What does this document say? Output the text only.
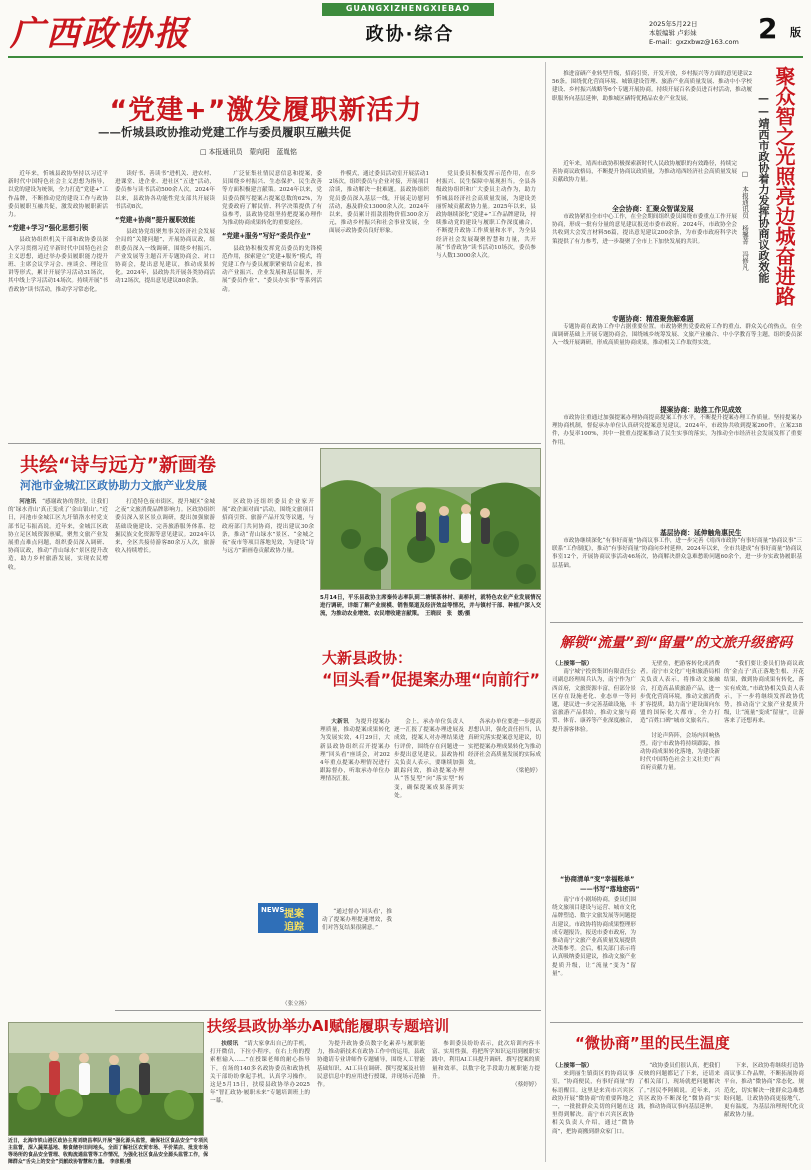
广西政协报
GUANGXIZHENGXIEBAO
政协·综合	2025年5月22日
本版编辑 卢彩妹
E-mail：gxzxbwz@163.com 2 版
“党建+”激发履职新活力
——忻城县政协推动党建工作与委员履职互融共促
□ 本报通讯员　蒙向阳　蓝胤铭

近年来，忻城县政协坚持以习近平新时代中国特色社会主义思想为指导，以党的建设为统领，全力打造“党建+”工作品牌，不断推动党的建设工作与政协委员履职互融共促，激发政协履职新活力。

“党建+学习”强化思想引领

县政协组织机关干部和政协委员深入学习贯彻习近平新时代中国特色社会主义思想，通过举办委员履职能力提升班、主席会议学习会、座谈会、理论宣讲等形式，累计开展学习活动31场次，其中线上学习活动14场次。持续开展“书香政协”读书活动，推动学习常态化。

读好书、善读书”进机关、进农村、进课堂、进企业、进社区“五进”活动，委员参与读书活动500余人次。2024年以来，县政协各功能性党支部共开展读书活动8次。

“党建+协商”提升履职效能

县政协党组聚焦事关经济社会发展全局的“关键问题”，开展协商议政，组织委员深入一线调研，围绕乡村振兴、产业发展等主题召开专题协商会、对口协商会，提出意见建议，推动成果转化。2024年，县政协共开展各类协商活动12场次，提出意见建议80余条。

广泛征集社情民意信息和提案，委员围绕乡村振兴、生态保护、民生改善等方面积极建言献策。2024年以来，党员委员撰写提案占提案总数的62%，为党委政府了解民情、科学决策提供了有益参考，县政协党组坚持把提案办理作为推动协商成果转化的重要途径。

“党建+服务”写好“委员作业”

县政协积极发挥党员委员的先锋模范作用，探索建立“党建+服务”模式，将党建工作与委员履职紧密结合起来，推动产业振兴、企业发展和基层服务，开展“委员作业”、“委员办实事”等系列活动。

作模式，通过委员活动室开展活动12场次，组织委员与企业对接，开展项目洽谈，推动解决一批难题。县政协组织党员委员深入基层一线，开展走访慰问活动，惠及群众13000余人次。2024年以来，委员累计捐款捐物价值300余万元，推动乡村振兴和社会事业发展，全面展示政协委员良好形象。

党员委员积极发挥示范作用，在乡村振兴、民生保障中展现担当。全县各级政协组织和广大委员主动作为，助力忻城县经济社会高质量发展，为建设美丽忻城贡献政协力量。2025年以来，县政协继续深化“党建+”工作品牌建设，持续推动党的建设与履职工作深度融合，不断提升政协工作质量和水平，为全县经济社会发展凝聚智慧和力量，共开展“书香政协”读书活动10场次，委员参与人数13000余人次。

共绘“诗与远方”新画卷
河池市金城江区政协助力文旅产业发展

河池讯　 “感谢政协的帮扶，让我们的‘绿水青山’真正变成了‘金山银山’。”近日，河池市金城江区九圩镇洛水村党支部书记韦振高说。近年来，金城江区政协立足区域资源禀赋，聚焦文旅产业发展重点难点问题，组织委员深入调研、协商议政，推动“青山绿水”景区提升改造，助力乡村旅游发展，实现农民增收。

打造特色夜市街区，提升城区“金城之夜”文旅消费品牌影响力。区政协组织委员深入景区景点调研，提出加强旅游基础设施建设、完善旅游服务体系、挖掘民族文化资源等意见建议。2024年以来，全区共接待游客80余万人次，旅游收入持续增长。

区政协还组织委员企业家开展“政企面对面”活动，围绕文旅项目招商引资、旅游产品开发等议题，与政府部门共同协商，提出建议30余条，推动“青山绿水”景区、“金城之夜”夜市等项目落地见效，为建设“诗与远方”新画卷贡献政协力量。

5月14日，平乐县政协主席秦传志率队到二塘镇茶林村、高桥村，就特色农业产业发展情况进行调研，详细了解产业规模、销售渠道及经济效益等情况，并与镇村干部、种植户深入交流，为推动农业增效、农民增收建言献策。　王晓辰　张　媛/摄
大新县政协：
“回头看”促提案办理“向前行”

大新讯　 为提升提案办理质量，推动提案成果转化为发展实效，4月29日，大新县政协组织召开提案办理“回头看”座谈会，对2024年重点提案办理情况进行跟踪督办，听取承办单位办理情况汇报。

会上，承办单位负责人逐一汇报了提案办理进展及成效，提案人对办理结果进行评价，围绕存在问题进一步提出意见建议。县政协相关负责人表示，要继续加强跟踪问效，推动提案办理从“答复型”向“落实型”转变，确保提案成果落到实处。

各承办单位要进一步提高思想认识，强化责任担当，认真研究落实提案意见建议，切实把提案办理成果转化为推动经济社会高质量发展的实际成效。

（梁艳婷）
NEWS 提案
追踪

“通过督办‘回头看’，推动了提案办理提速增效，我们对答复结果很满意。”

（张立扬）
扶绥县政协举办AI赋能履职专题培训

扶绥讯　 “请大家拿出自己的手机，打开微信，下拉小程序，在右上角的搜索框输入……”在授课老师的耐心指导下，在场的140多名政协委员和政协机关干部纷纷拿起手机，认真学习操作。这是5月15日，扶绥县政协举办2025年“智汇政协·履职未来”专题培训班上的一幕。

为提升政协委员数字化素养与履职能力，推动新技术在政协工作中的运用，县政协邀请专业讲师作专题辅导，围绕人工智能基础知识、AI工具在调研、撰写提案及社情民意信息中的应用进行授课，并现场示范操作。

参训委员纷纷表示，此次培训内容丰富、实用性强，将把所学知识运用到履职实践中，利用AI工具提升调研、撰写提案的质量和效率，以数字化手段助力履职能力提升。

（蔡婷婷）
近日，北海市铁山港区政协主席刘晓昌率队开展“强化源头监管，确保社区食品安全”专项民主监督，深入蔬菜基地、粮食储存田间地头，全面了解社区农贸市场、平价菜店、批发市场等场所的食品安全管理、收购流通监管等工作情况，为强化社区食品安全源头监管工作，保障群众“舌尖上的安全”贡献政协智慧和力量。　李彦熙/摄

推进富硒产业转型升级，招商引资，开发开放，乡村振兴等方面的意见建议256条。围绕优化营商环境、城镇建设管理、旅游产业高质量发展、推动中小学校建设、乡村振兴战略等6个专题开展协商。持续开展百名委员进百村活动，推动履职服务向基层延伸，助推城区硒特优精品农业产业发展。	聚众智之光照亮边城奋进路
——靖西市政协着力发挥协商议政效能
□ 本报通讯员　杨馨菁　冯修凡

近年来，靖西市政协积极探索新时代人民政协履职的有效路径，持续完善协商议政格局，不断提升协商议政质量，为推动靖西经济社会高质量发展贡献政协力量。

全会协商：汇聚众智谋发展

市政协紧扣全市中心工作，在全会期间组织委员围绕市委重点工作开展协商，形成一批有分量的意见建议报送市委市政府。2024年，市政协全会共收到大会发言材料56篇，提出意见建议200余条，为市委市政府科学决策提供了有力参考，进一步凝聚了全市上下加快发展的共识。

专题协商：精准聚焦解难题

专题协商在政协工作中占据重要位置。市政协聚焦党委政府工作的重点、群众关心的热点，在全面调研基础上开展专题协商会，围绕城乡统筹发展、文旅产业融合、中小学教育等主题，组织委员深入一线开展调研，形成高质量协商成果，推动相关工作取得实效。

提案协商：助推工作见成效

市政协注重通过加强提案办理协商提高提案工作水平，不断提升提案办理工作质量。坚持提案办理协商机制，督促承办单位认真研究提案意见建议。2024年，市政协共收到提案260件，立案238件，办复率100%，其中一批重点提案推动了民生实事的落实，为推动全市经济社会发展发挥了重要作用。

基层协商：延伸触角惠民生

市政协继续深化“有事好商量”协商议事工作，进一步完善《靖西市政协“有事好商量”协商议事“三联系”工作制度》，推动“有事好商量”协商向乡村延伸。2024年以来，全市共建成“有事好商量”协商议事室12个，开展协商议事活动46场次，协商解决群众急难愁盼问题60余个，进一步夯实政协履职基层基础。

解锁“流量”到“留量”的文旅升级密码
（上接第一版）

南宁城宁投资集团有限责任公司副总经理周兵认为，南宁作为广西首府，文旅资源丰富，但部分景区存在设施老化、业态单一等问题，建议进一步完善基础设施，丰富旅游产品供给，推动文旅与商贸、体育、康养等产业深度融合，提升游客体验。

“协商清单”变“幸福账单”
——书写“落地密码”

南宁市小剧场协商，委员们围绕文旅项目建设与运营、城市文化品牌塑造、数字文旅发展等问题提出建议。市政协将协商成果整理形成专题报告，报送市委市政府，为推动南宁文旅产业高质量发展提供决策参考。会后，相关部门表示将认真吸纳委员建议，推动文旅产业提质升级，让“流量”变为“留量”。

无壁垒，把游客转化成消费者。南宁市文化广电和旅游局相关负责人表示，将推动文旅融合，打造高品质旅游产品，进一步优化营商环境，推动文旅消费扩容提质，助力南宁建设面向东盟的国际化大都市，全力打造“百姓口碑”城市文旅名片。

讨论声阵阵，会场内回响热烈。南宁市政协将持续跟踪，推动协商成果转化落地，为建设新时代中国特色社会主义壮美广西首府贡献力量。

“我们要让委员们协商议政的‘金点子’真正落地生根、开花结果，做到协商成果有转化，落实有成效。”市政协相关负责人表示，下一步将继续发挥政协优势，推动南宁文旅产业提质升级，让“流量”变成“留量”，让游客来了还想再来。

“微协商”里的民生温度
（上接第一版）

来到丽生镇街区的协商议事室，“协商便民，有事好商量”的标语醒目。这里是来宾市兴宾区政协开展“微协商”的重要阵地之一，一批批群众关切的问题在这里得到解决。南宁市兴宾区政协相关负责人介绍，通过“微协商”，把协商搬到群众家门口。

“政协委员们很认真，把我们反映的问题都记了下来，还请来了相关部门，现场就把问题解决了。”居民李阿姨说。近年来，兴宾区政协不断深化“微协商”实践，推动协商议事向基层延伸。

下来，区政协将继续打造协商议事工作品牌，不断拓展协商平台，推动“微协商”常态化、规范化，切实解决一批群众急难愁盼问题，让政协协商更接地气、更有温度，为基层治理现代化贡献政协力量。
